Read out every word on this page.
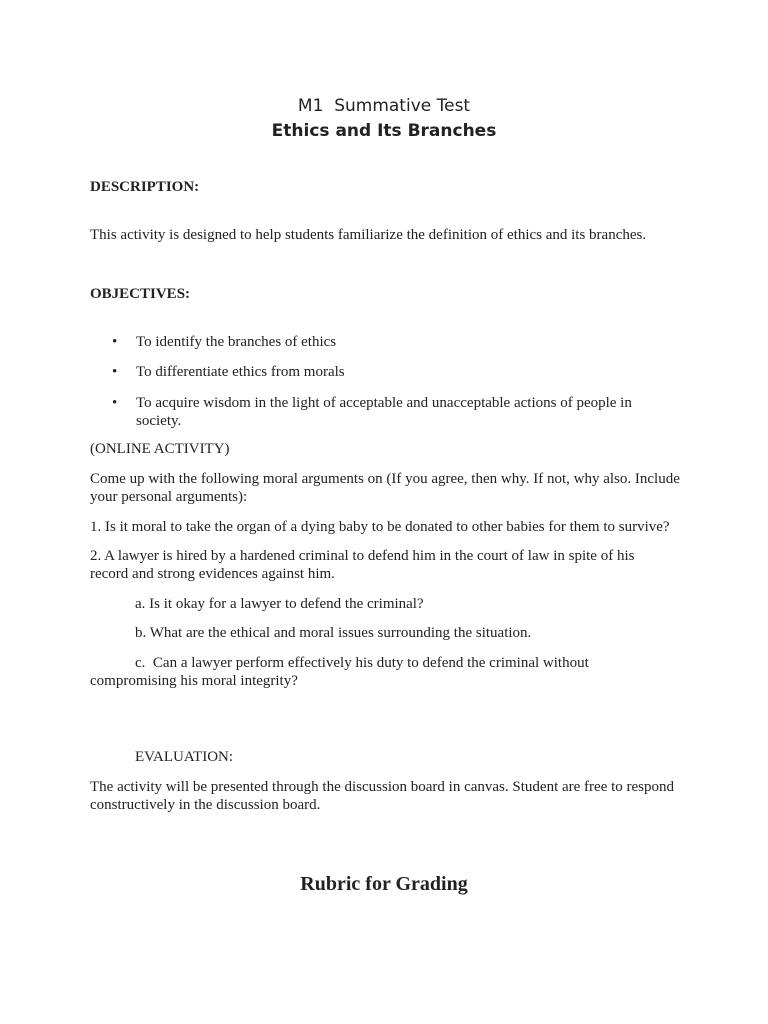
M1  Summative Test
Ethics and Its Branches
DESCRIPTION:
This activity is designed to help students familiarize the definition of ethics and its branches.
OBJECTIVES:
•	To identify the branches of ethics
•	To differentiate ethics from morals
•	To acquire wisdom in the light of acceptable and unacceptable actions of people in society.
(ONLINE ACTIVITY)
Come up with the following moral arguments on (If you agree, then why. If not, why also. Include your personal arguments):
1. Is it moral to take the organ of a dying baby to be donated to other babies for them to survive?
2. A lawyer is hired by a hardened criminal to defend him in the court of law in spite of his record and strong evidences against him.
a. Is it okay for a lawyer to defend the criminal?
b. What are the ethical and moral issues surrounding the situation.
c.  Can a lawyer perform effectively his duty to defend the criminal without
compromising his moral integrity?
EVALUATION:
The activity will be presented through the discussion board in canvas. Student are free to respond constructively in the discussion board.
Rubric for Grading
